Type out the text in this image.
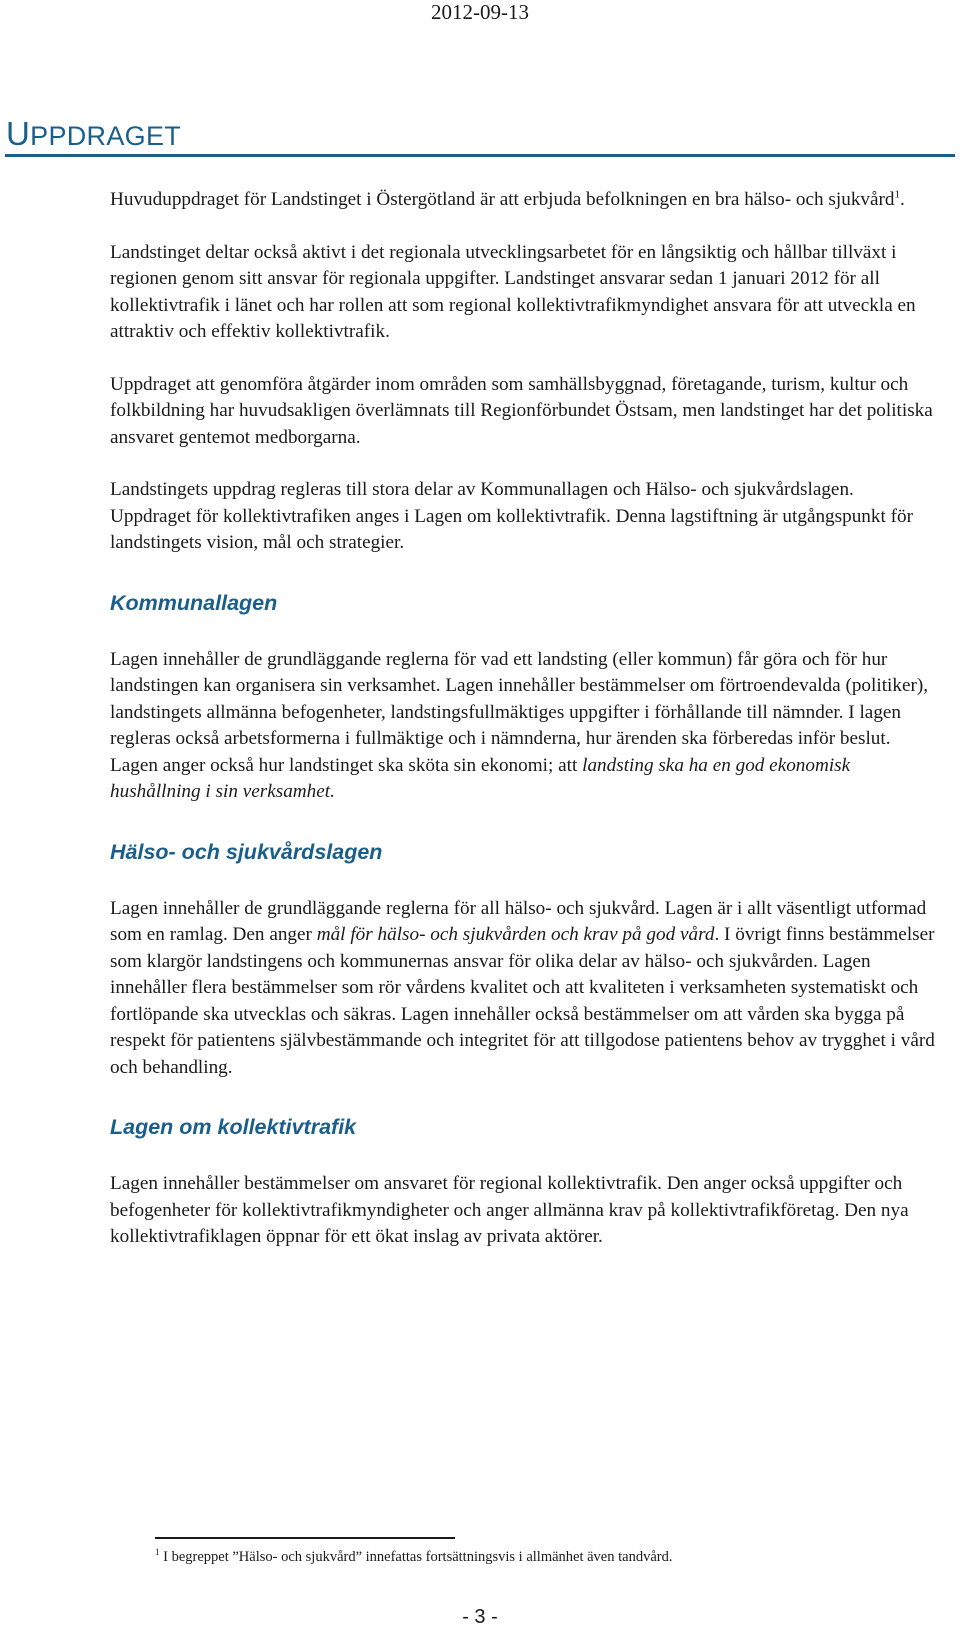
2012-09-13
UPPDRAGET

Huvuduppdraget för Landstinget i Östergötland är att erbjuda befolkningen en bra hälso- och sjukvård$^1$.

Landstinget deltar också aktivt i det regionala utvecklingsarbetet för en långsiktig och hållbar tillväxt i regionen genom sitt ansvar för regionala uppgifter. Landstinget ansvarar sedan 1 januari 2012 för all kollektivtrafik i länet och har rollen att som regional kollektivtrafikmyndighet ansvara för att utveckla en attraktiv och effektiv kollektivtrafik.

Uppdraget att genomföra åtgärder inom områden som samhällsbyggnad, företagande, turism, kultur och folkbildning har huvudsakligen överlämnats till Regionförbundet Östsam, men landstinget har det politiska ansvaret gentemot medborgarna.

Landstingets uppdrag regleras till stora delar av Kommunallagen och Hälso- och sjukvårdslagen. Uppdraget för kollektivtrafiken anges i Lagen om kollektivtrafik. Denna lagstiftning är utgångspunkt för landstingets vision, mål och strategier.

Kommunallagen

Lagen innehåller de grundläggande reglerna för vad ett landsting (eller kommun) får göra och för hur landstingen kan organisera sin verksamhet. Lagen innehåller bestämmelser om förtroendevalda (politiker), landstingets allmänna befogenheter, landstingsfullmäktiges uppgifter i förhållande till nämnder. I lagen regleras också arbetsformerna i fullmäktige och i nämnderna, hur ärenden ska förberedas inför beslut. Lagen anger också hur landstinget ska sköta sin ekonomi; att landsting ska ha en god ekonomisk hushållning i sin verksamhet.

Hälso- och sjukvårdslagen

Lagen innehåller de grundläggande reglerna för all hälso- och sjukvård. Lagen är i allt väsentligt utformad som en ramlag. Den anger mål för hälso- och sjukvården och krav på god vård. I övrigt finns bestämmelser som klargör landstingens och kommunernas ansvar för olika delar av hälso- och sjukvården. Lagen innehåller flera bestämmelser som rör vårdens kvalitet och att kvaliteten i verksamheten systematiskt och fortlöpande ska utvecklas och säkras. Lagen innehåller också bestämmelser om att vården ska bygga på respekt för patientens självbestämmande och integritet för att tillgodose patientens behov av trygghet i vård och behandling.

Lagen om kollektivtrafik

Lagen innehåller bestämmelser om ansvaret för regional kollektivtrafik. Den anger också uppgifter och befogenheter för kollektivtrafikmyndigheter och anger allmänna krav på kollektivtrafikföretag. Den nya kollektivtrafiklagen öppnar för ett ökat inslag av privata aktörer.

$^1$ I begreppet ”Hälso- och sjukvård” innefattas fortsättningsvis i allmänhet även tandvård.
- 3 -
